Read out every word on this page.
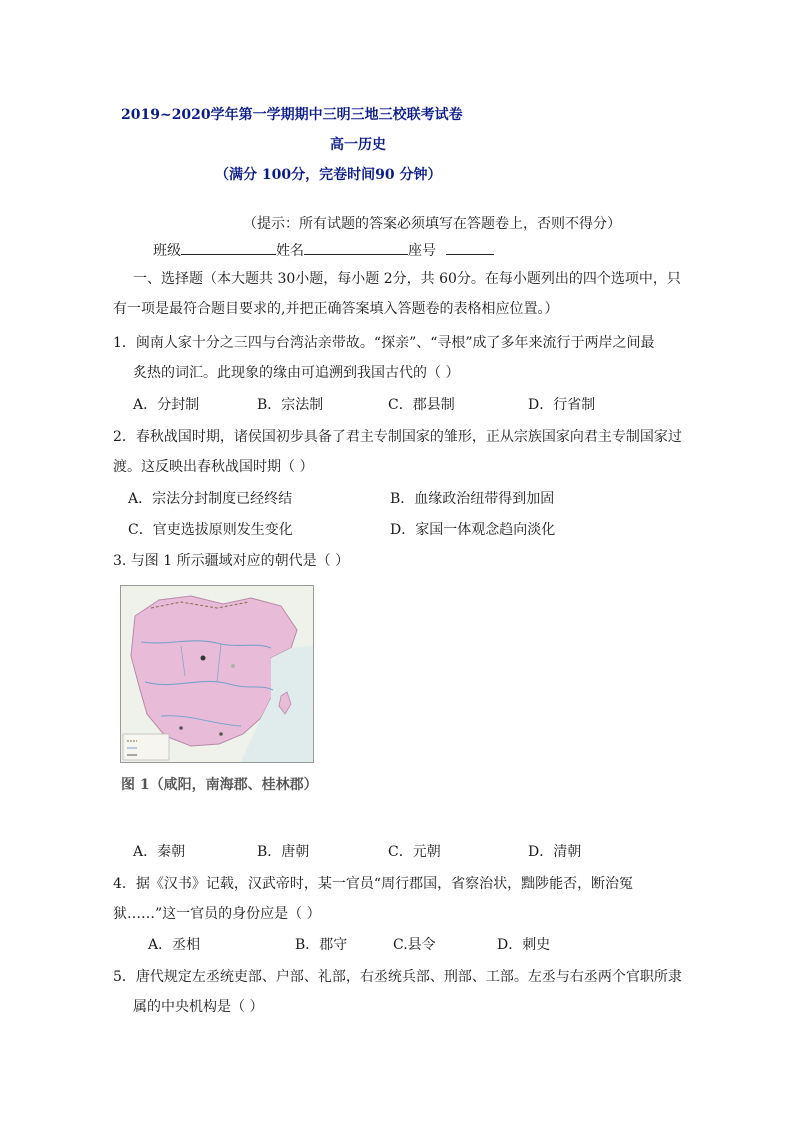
2019~2020学年第一学期期中三明三地三校联考试卷
高一历史
（满分 100分，完卷时间90 分钟）
（提示：所有试题的答案必须填写在答题卷上，否则不得分）
班级	姓名	座号
一、选择题（本大题共 30小题，每小题 2分，共 60分。在每小题列出的四个选项中，只
有一项是最符合题目要求的,并把正确答案填入答题卷的表格相应位置。）
1．闽南人家十分之三四与台湾沾亲带故。“探亲”、“寻根”成了多年来流行于两岸之间最
炙热的词汇。此现象的缘由可追溯到我国古代的（ ）
A．分封制	B．宗法制	C．郡县制	D．行省制
2．春秋战国时期，诸侯国初步具备了君主专制国家的雏形，正从宗族国家向君主专制国家过
渡。这反映出春秋战国时期（ ）
A．宗法分封制度已经终结	B．血缘政治纽带得到加固
C．官吏选拔原则发生变化	D．家国一体观念趋向淡化
3. 与图 1 所示疆域对应的朝代是（ ）
图 1（咸阳，南海郡、桂林郡）
A．秦朝	B．唐朝	C．元朝	D．清朝
4．据《汉书》记载，汉武帝时，某一官员“周行郡国，省察治状，黜陟能否，断治冤
狱……”这一官员的身份应是（ ）
A．丞相	B．郡守	C.县令	D．刺史
5．唐代规定左丞统吏部、户部、礼部，右丞统兵部、刑部、工部。左丞与右丞两个官职所隶
属的中央机构是（ ）
